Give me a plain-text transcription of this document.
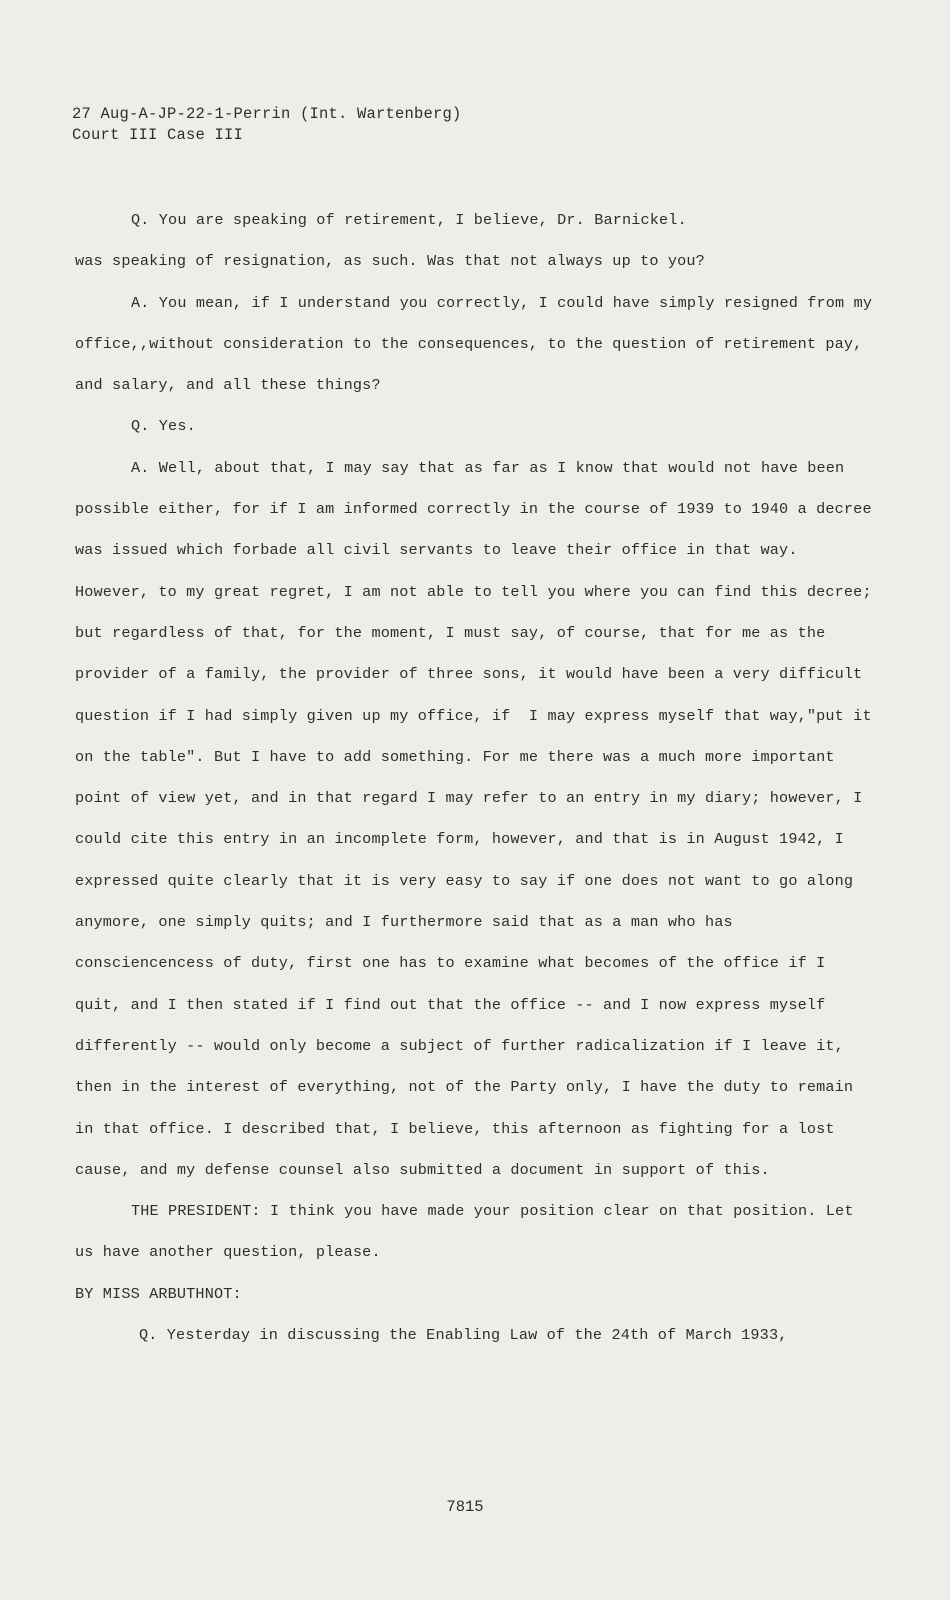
27 Aug-A-JP-22-1-Perrin (Int. Wartenberg)
Court III Case III

Q. You are speaking of retirement, I believe, Dr. Barnickel.

was speaking of resignation, as such. Was that not always up to you?

A. You mean, if I understand you correctly, I could have simply resigned from my office,,without consideration to the consequences, to the question of retirement pay, and salary, and all these things?

Q. Yes.

A. Well, about that, I may say that as far as I know that would not have been possible either, for if I am informed correctly in the course of 1939 to 1940 a decree was issued which forbade all civil servants to leave their office in that way. However, to my great regret, I am not able to tell you where you can find this decree; but regardless of that, for the moment, I must say, of course, that for me as the provider of a family, the provider of three sons, it would have been a very difficult question if I had simply given up my office, if  I may express myself that way,"put it on the table". But I have to add something. For me there was a much more important point of view yet, and in that regard I may refer to an entry in my diary; however, I could cite this entry in an incomplete form, however, and that is in August 1942, I expressed quite clearly that it is very easy to say if one does not want to go along anymore, one simply quits; and I furthermore said that as a man who has consciencencess of duty, first one has to examine what becomes of the office if I quit, and I then stated if I find out that the office -- and I now express myself differently -- would only become a subject of further radicalization if I leave it, then in the interest of everything, not of the Party only, I have the duty to remain in that office. I described that, I believe, this afternoon as fighting for a lost cause, and my defense counsel also submitted a document in support of this.

THE PRESIDENT: I think you have made your position clear on that position. Let us have another question, please.

BY MISS ARBUTHNOT:

Q. Yesterday in discussing the Enabling Law of the 24th of March 1933,

7815
